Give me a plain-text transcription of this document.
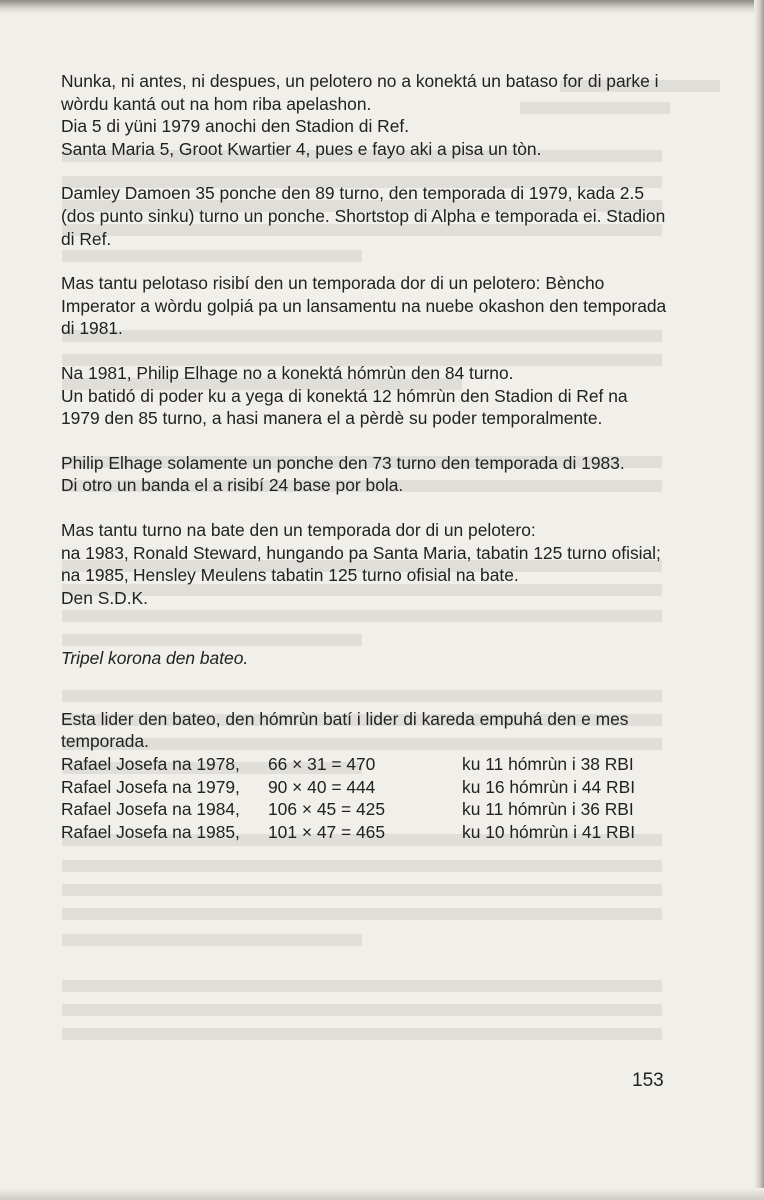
Nunka, ni antes, ni despues, un pelotero no a konektá un bataso for di parke i wòrdu kantá out na hom riba apelashon.

Dia 5 di yüni 1979 anochi den Stadion di Ref.

Santa Maria 5, Groot Kwartier 4, pues e fayo aki a pisa un tòn.

Damley Damoen 35 ponche den 89 turno, den temporada di 1979, kada 2.5 (dos punto sinku) turno un ponche. Shortstop di Alpha e temporada ei. Stadion di Ref.

Mas tantu pelotaso risibí den un temporada dor di un pelotero: Bèncho Imperator a wòrdu golpiá pa un lansamentu na nuebe okashon den temporada di 1981.

Na 1981, Philip Elhage no a konektá hómrùn den 84 turno.

Un batidó di poder ku a yega di konektá 12 hómrùn den Stadion di Ref na 1979 den 85 turno, a hasi manera el a pèrdè su poder temporalmente.

Philip Elhage solamente un ponche den 73 turno den temporada di 1983.

Di otro un banda el a risibí 24 base por bola.

Mas tantu turno na bate den un temporada dor di un pelotero:

na 1983, Ronald Steward, hungando pa Santa Maria, tabatin 125 turno ofisial;
na 1985, Hensley Meulens tabatin 125 turno ofisial na bate.

Den S.D.K.

Tripel korona den bateo.

Esta lider den bateo, den hómrùn batí i lider di kareda empuhá den e mes temporada.

Rafael Josefa na 1978,	66 × 31 = 470	ku 11 hómrùn i 38 RBI
Rafael Josefa na 1979,	90 × 40 = 444	ku 16 hómrùn i 44 RBI
Rafael Josefa na 1984,	106 × 45 = 425	ku 11 hómrùn i 36 RBI
Rafael Josefa na 1985,	101 × 47 = 465	ku 10 hómrùn i 41 RBI
153
